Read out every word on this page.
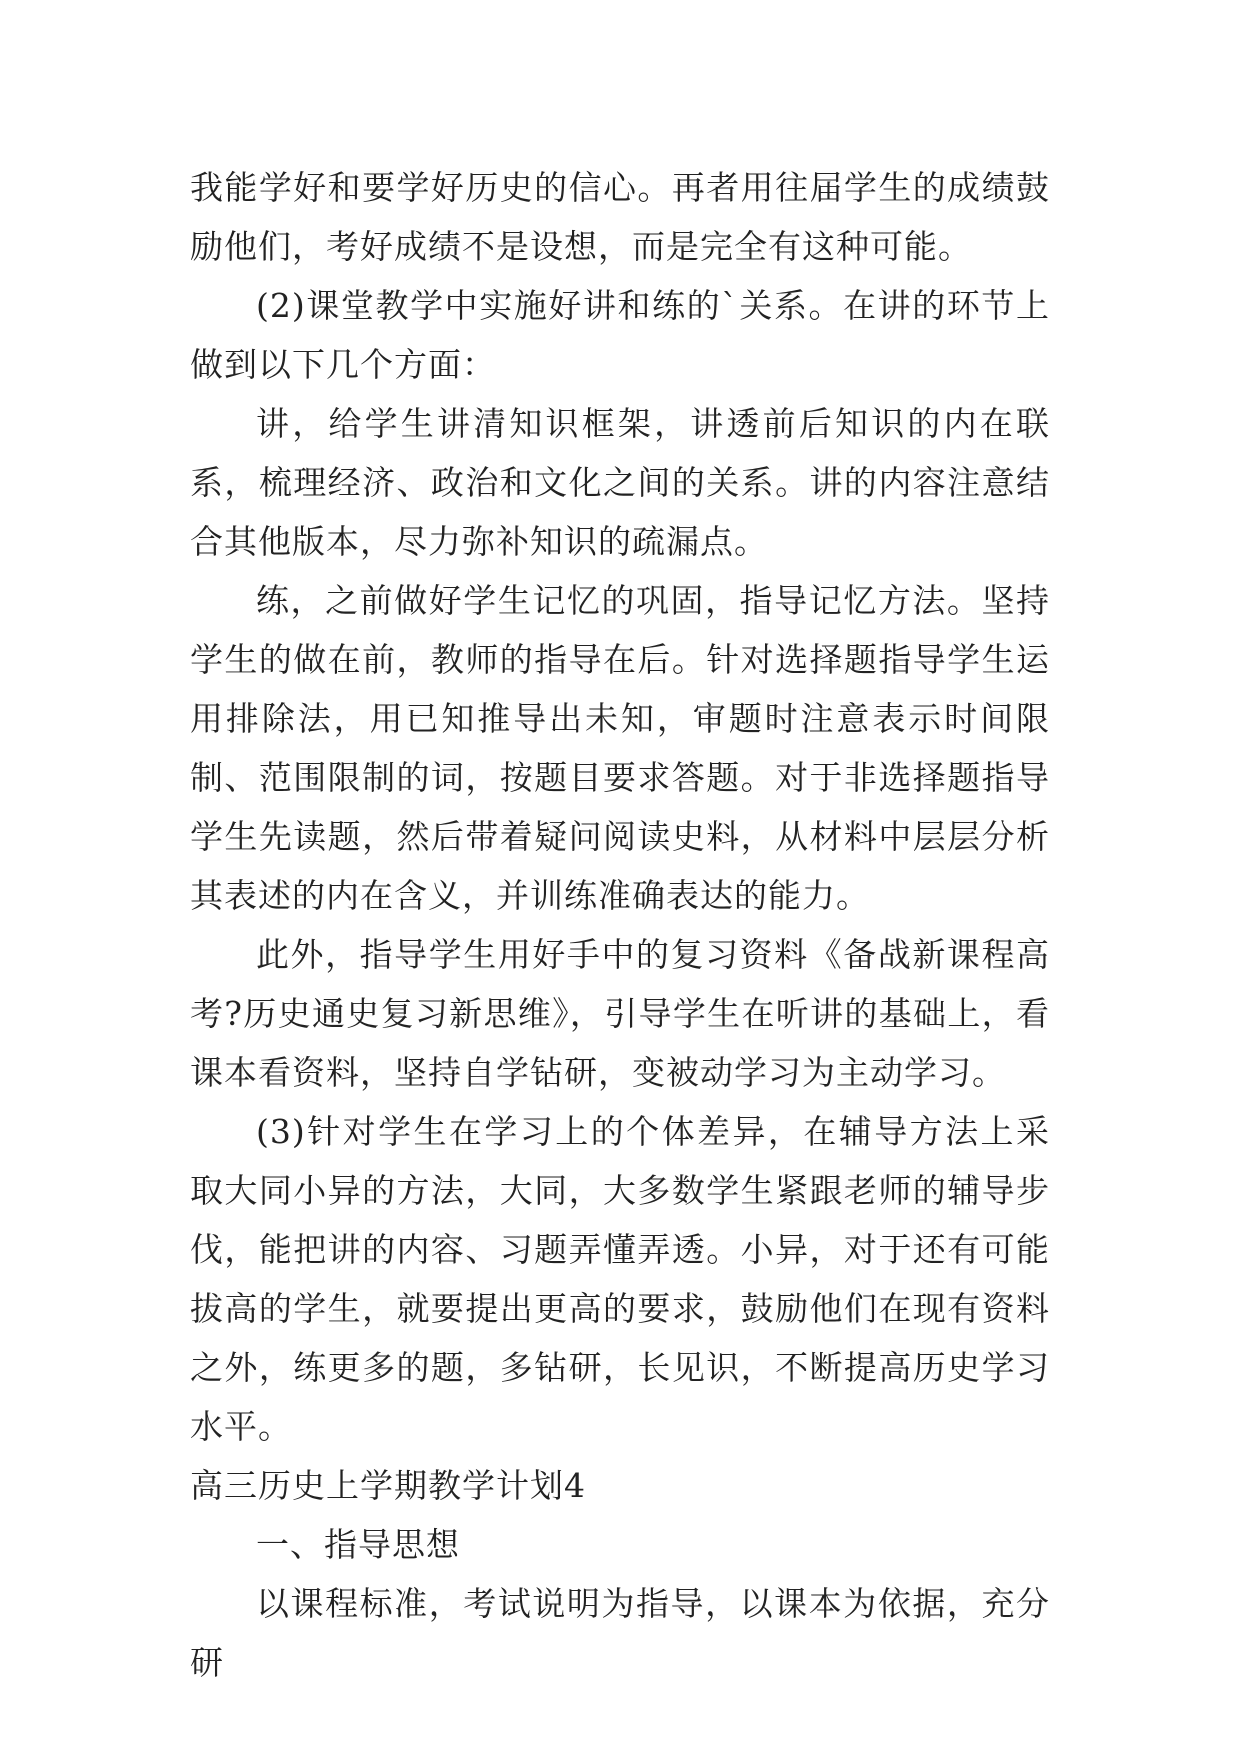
我能学好和要学好历史的信心。再者用往届学生的成绩鼓励他们，考好成绩不是设想，而是完全有这种可能。

(2)课堂教学中实施好讲和练的`关系。在讲的环节上做到以下几个方面：

讲，给学生讲清知识框架，讲透前后知识的内在联系，梳理经济、政治和文化之间的关系。讲的内容注意结合其他版本，尽力弥补知识的疏漏点。

练，之前做好学生记忆的巩固，指导记忆方法。坚持学生的做在前，教师的指导在后。针对选择题指导学生运用排除法，用已知推导出未知，审题时注意表示时间限制、范围限制的词，按题目要求答题。对于非选择题指导学生先读题，然后带着疑问阅读史料，从材料中层层分析其表述的内在含义，并训练准确表达的能力。

此外，指导学生用好手中的复习资料《备战新课程高考?历史通史复习新思维》，引导学生在听讲的基础上，看课本看资料，坚持自学钻研，变被动学习为主动学习。

(3)针对学生在学习上的个体差异，在辅导方法上采取大同小异的方法，大同，大多数学生紧跟老师的辅导步伐，能把讲的内容、习题弄懂弄透。小异，对于还有可能拔高的学生，就要提出更高的要求，鼓励他们在现有资料之外，练更多的题，多钻研，长见识，不断提高历史学习水平。

高三历史上学期教学计划4

一、指导思想

以课程标准，考试说明为指导，以课本为依据，充分研
